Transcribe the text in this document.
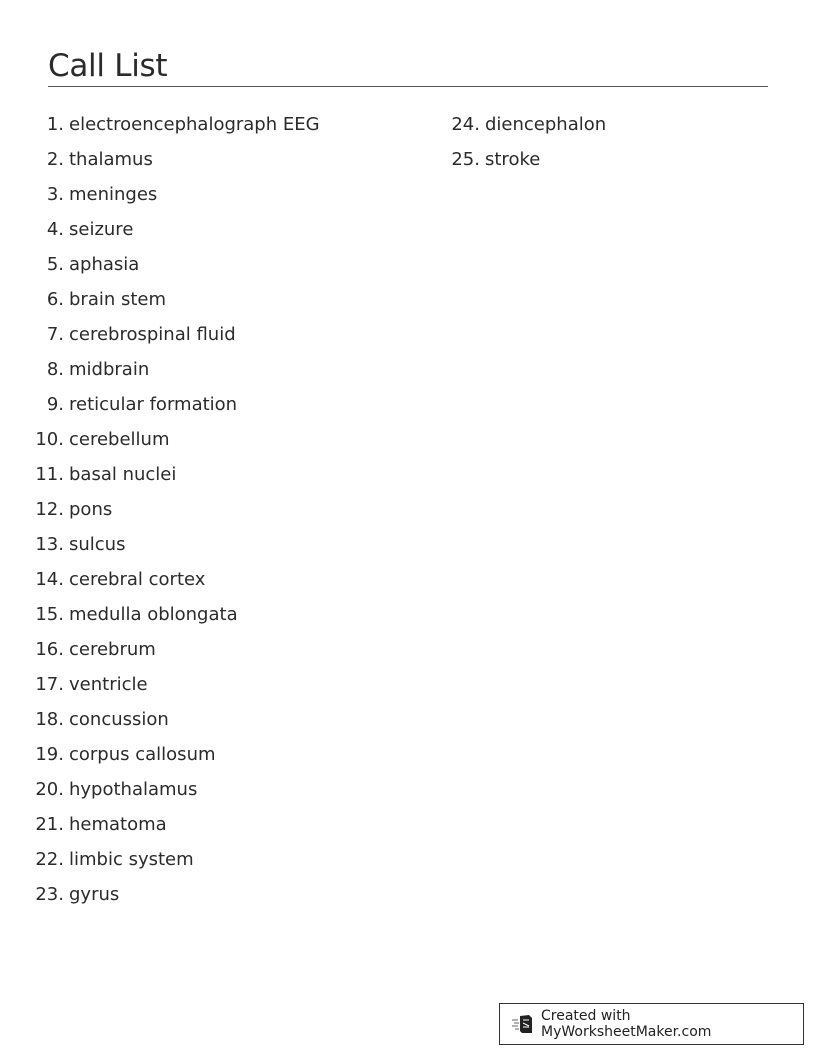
Call List
1. electroencephalograph EEG
2. thalamus
3. meninges
4. seizure
5. aphasia
6. brain stem
7. cerebrospinal fluid
8. midbrain
9. reticular formation
10. cerebellum
11. basal nuclei
12. pons
13. sulcus
14. cerebral cortex
15. medulla oblongata
16. cerebrum
17. ventricle
18. concussion
19. corpus callosum
20. hypothalamus
21. hematoma
22. limbic system
23. gyrus
24. diencephalon
25. stroke
Created with MyWorksheetMaker.com
